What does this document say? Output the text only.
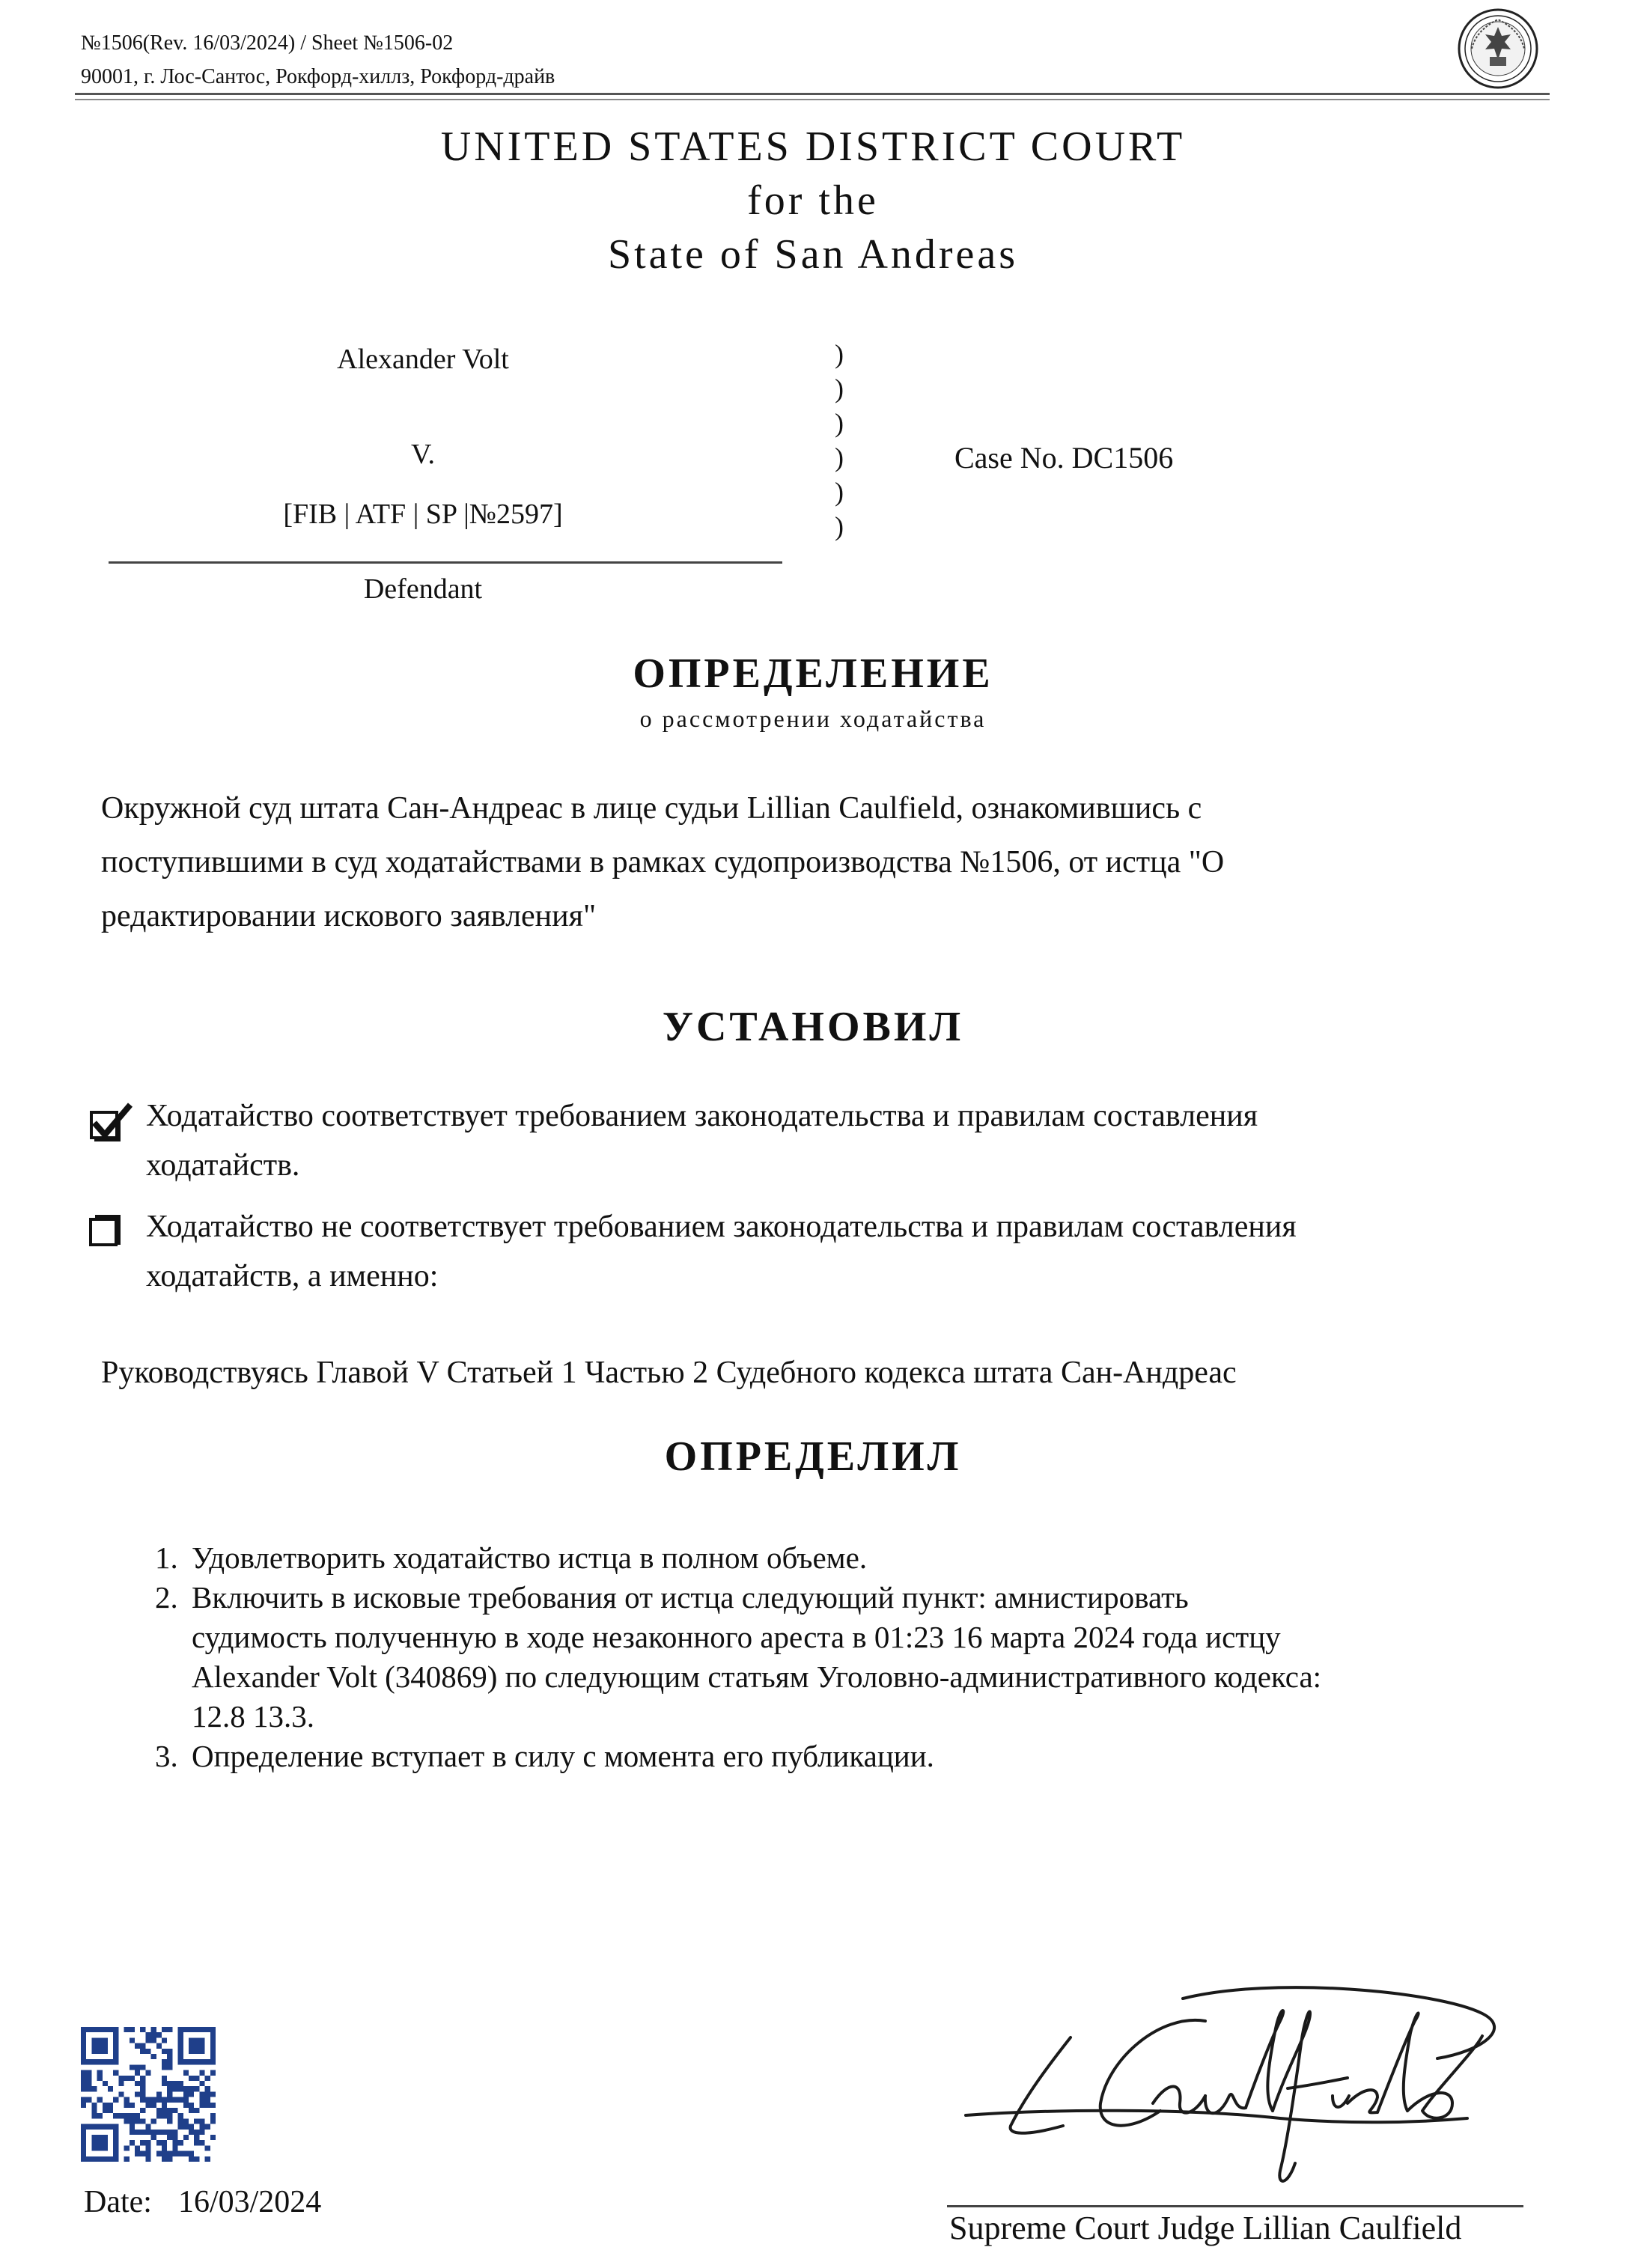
№1506(Rev. 16/03/2024) / Sheet №1506-02
90001, г. Лос-Сантос, Рокфорд-хиллз, Рокфорд-драйв
UNITED STATES DISTRICT COURT
for the
State of San Andreas
Alexander Volt
V.
[FIB | ATF | SP |№2597]
Defendant
)
)
)
)
)
)
Case No. DC1506
ОПРЕДЕЛЕНИЕ
о рассмотрении ходатайства
Окружной суд штата Сан-Андреас в лице судьи Lillian Caulfield, ознакомившись с
поступившими в суд ходатайствами в рамках судопроизводства №1506, от истца "О
редактировании искового заявления"
УСТАНОВИЛ
Ходатайство соответствует требованием законодательства и правилам составления
ходатайств.
Ходатайство не соответствует требованием законодательства и правилам составления
ходатайств, а именно:
Руководствуясь Главой V Статьей 1 Частью 2 Судебного кодекса штата Сан-Андреас
ОПРЕДЕЛИЛ
1. Удовлетворить ходатайство истца в полном объеме.
2. Включить в исковые требования от истца следующий пункт: амнистировать
судимость полученную в ходе незаконного ареста в 01:23 16 марта 2024 года истцу
Alexander Volt (340869) по следующим статьям Уголовно-административного кодекса:
12.8 13.3.
3. Определение вступает в силу с момента его публикации.
Date: 16/03/2024
Supreme Court Judge Lillian Caulfield
